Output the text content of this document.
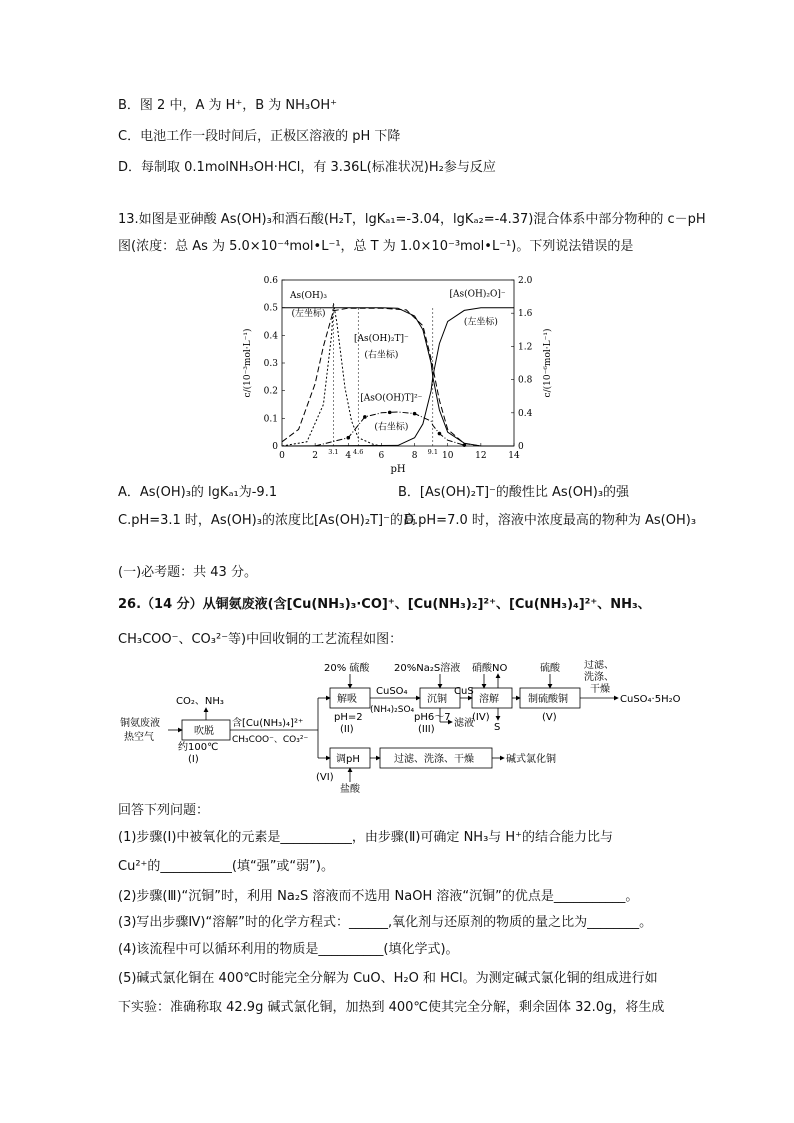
B．图 2 中，A 为 H⁺，B 为 NH₃OH⁺
C．电池工作一段时间后，正极区溶液的 pH 下降
D．每制取 0.1molNH₃OH·HCl，有 3.36L(标准状况)H₂参与反应
13.如图是亚砷酸 As(OH)₃和酒石酸(H₂T，lgKₐ₁=-3.04，lgKₐ₂=-4.37)混合体系中部分物种的 c－pH
图(浓度：总 As 为 5.0×10⁻⁴mol•L⁻¹，总 T 为 1.0×10⁻³mol•L⁻¹)。下列说法错误的是
0	2	4	6	8	10 12 14
3.1 4.6	9.1
0
0.1
0.2
0.3
0.4
0.5
0.6
0
0.4
0.8
1.2
1.6
2.0
pH
c/(10⁻³mol·L⁻¹)	c/(10⁻⁶mol·L⁻¹)
As(OH)₃
(左坐标)
[As(OH)₂O]⁻
(左坐标)
[As(OH)₂T]⁻
(右坐标)
[AsO(OH)T]²⁻
(右坐标)
A．As(OH)₃的 lgKₐ₁为-9.1	B．[As(OH)₂T]⁻的酸性比 As(OH)₃的强
C.pH=3.1 时，As(OH)₃的浓度比[As(OH)₂T]⁻的高
D.pH=7.0 时，溶液中浓度最高的物种为 As(OH)₃
(一)必考题：共 43 分。
26.（14 分）从铜氨废液(含[Cu(NH₃)₃·CO]⁺、[Cu(NH₃)₂]²⁺、[Cu(NH₃)₄]²⁺、NH₃、
CH₃COO⁻、CO₃²⁻等)中回收铜的工艺流程如图：
铜氨废液
热空气
CO₂、NH₃
吹脱
约100℃
(I)
含[Cu(NH₃)₄]²⁺
CH₃COO⁻、CO₃²⁻
20% 硫酸
解吸
pH=2
(II)
CuSO₄
(NH₄)₂SO₄
20%Na₂S溶液
沉铜
pH6～7
(III)
滤液
CuS
硝酸 NO
溶解
(IV)
S
硫酸
制硫酸铜
(V)
过滤、
洗涤、
干燥
CuSO₄·5H₂O
调pH
(VI)
盐酸
过滤、洗涤、干燥	碱式氯化铜
回答下列问题：
(1)步骤(Ⅰ)中被氧化的元素是___________，由步骤(Ⅱ)可确定 NH₃与 H⁺的结合能力比与
Cu²⁺的___________(填“强”或“弱”)。
(2)步骤(Ⅲ)“沉铜”时，利用 Na₂S 溶液而不选用 NaOH 溶液“沉铜”的优点是___________。
(3)写出步骤Ⅳ)“溶解”时的化学方程式：______,氧化剂与还原剂的物质的量之比为________。
(4)该流程中可以循环利用的物质是__________(填化学式)。
(5)碱式氯化铜在 400℃时能完全分解为 CuO、H₂O 和 HCl。为测定碱式氯化铜的组成进行如
下实验：准确称取 42.9g 碱式氯化铜，加热到 400℃使其完全分解，剩余固体 32.0g，将生成
